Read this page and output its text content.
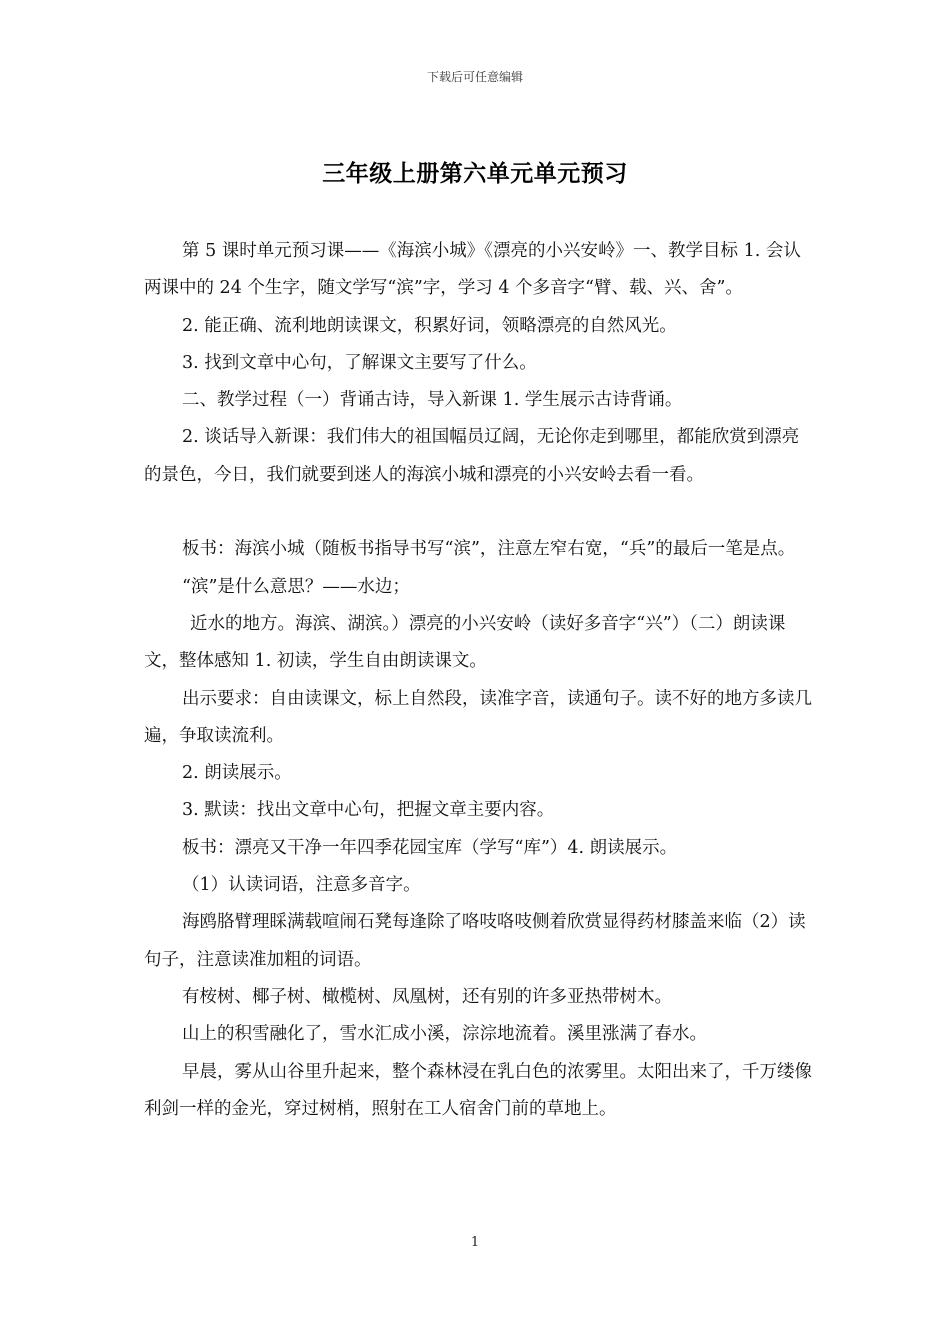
下载后可任意编辑
三年级上册第六单元单元预习

第 5 课时单元预习课——《海滨小城》《漂亮的小兴安岭》一、教学目标 1. 会认两课中的 24 个生字，随文学写“滨”字，学习 4 个多音字“臂、载、兴、舍”。

2. 能正确、流利地朗读课文，积累好词，领略漂亮的自然风光。

3. 找到文章中心句，了解课文主要写了什么。

二、教学过程（一）背诵古诗，导入新课 1. 学生展示古诗背诵。

2. 谈话导入新课：我们伟大的祖国幅员辽阔，无论你走到哪里，都能欣赏到漂亮的景色，今日，我们就要到迷人的海滨小城和漂亮的小兴安岭去看一看。

板书：海滨小城（随板书指导书写“滨”，注意左窄右宽，“兵”的最后一笔是点。

“滨”是什么意思？——水边；

近水的地方。海滨、湖滨。）漂亮的小兴安岭（读好多音字“兴”）（二）朗读课文，整体感知 1. 初读，学生自由朗读课文。

出示要求：自由读课文，标上自然段，读准字音，读通句子。读不好的地方多读几遍，争取读流利。

2. 朗读展示。

3. 默读：找出文章中心句，把握文章主要内容。

板书：漂亮又干净一年四季花园宝库（学写“库”）4. 朗读展示。

（1）认读词语，注意多音字。

海鸥胳臂理睬满载喧闹石凳每逢除了咯吱咯吱侧着欣赏显得药材膝盖来临（2）读句子，注意读准加粗的词语。

有桉树、椰子树、橄榄树、凤凰树，还有别的许多亚热带树木。

山上的积雪融化了，雪水汇成小溪，淙淙地流着。溪里涨满了春水。

早晨，雾从山谷里升起来，整个森林浸在乳白色的浓雾里。太阳出来了，千万缕像利剑一样的金光，穿过树梢，照射在工人宿舍门前的草地上。

1
